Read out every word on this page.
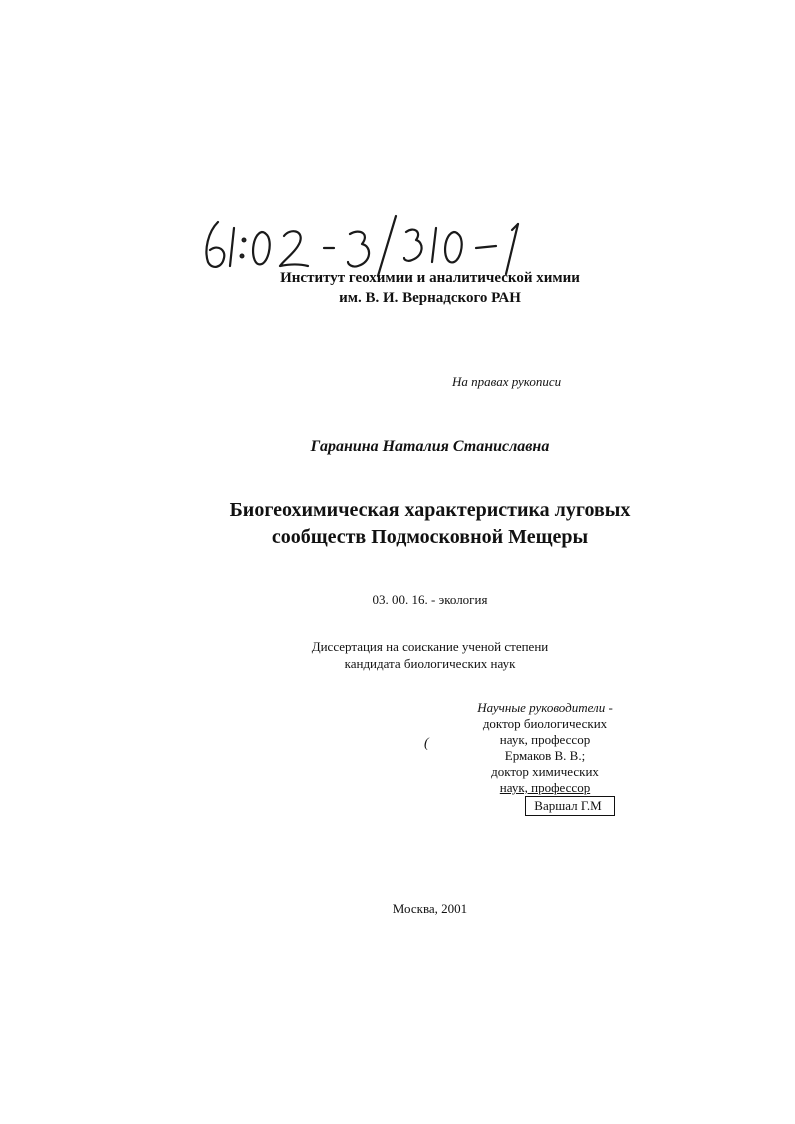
Институт геохимии и аналитической химии
им. В. И. Вернадского РАН
На правах рукописи
Гаранина Наталия Станиславна
Биогеохимическая характеристика луговых
сообществ Подмосковной Мещеры
03. 00. 16. - экология
Диссертация на соискание ученой степени
кандидата биологических наук
(
Научные руководители -
доктор биологических
наук, профессор
Ермаков В. В.;
доктор химических
наук, профессор
Варшал Г.М
Москва, 2001
